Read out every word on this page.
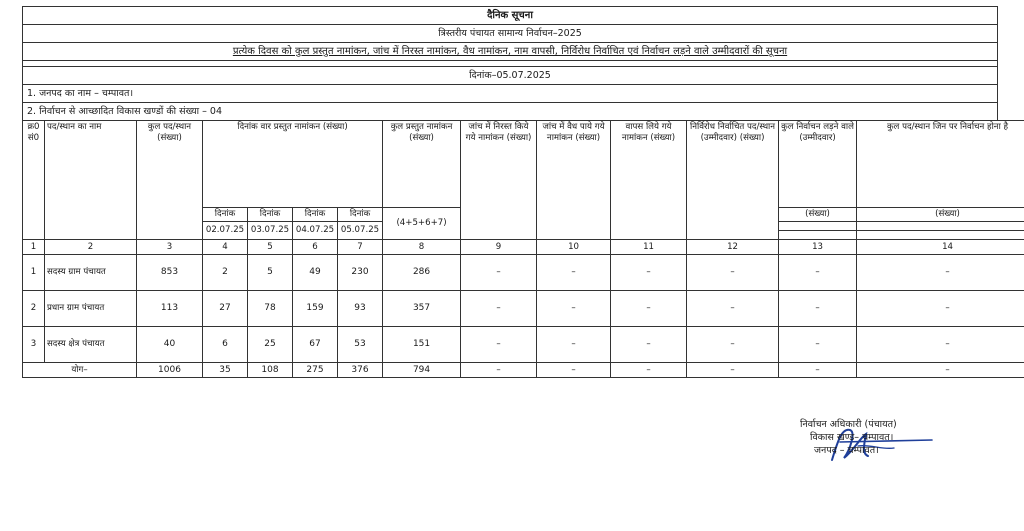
दैनिक सूचना
त्रिस्तरीय पंचायत सामान्य निर्वाचन–2025
प्रत्येक दिवस को कुल प्रस्तुत नामांकन, जांच में निरस्त नामांकन, वैध नामांकन, नाम वापसी, निर्विरोध निर्वाचित एवं निर्वाचन लड़ने वाले उम्मीदवारों की सूचना
दिनांक–05.07.2025
1. जनपद का नाम – चम्पावत।
2. निर्वाचन से आच्छादित विकास खण्डों की संख्या – 04
क्र0 सं0	पद/स्थान का नाम	कुल पद/स्थान (संख्या)	दिनांक वार प्रस्तुत नामांकन (संख्या)				कुल प्रस्तुत नामांकन (संख्या)	जांच में निरस्त किये गये नामांकन (संख्या)	जांच में वैध पाये गये नामांकन (संख्या)	वापस लिये गये नामांकन (संख्या)	निर्विरोध निर्वाचित पद/स्थान (उम्मीदवार) (संख्या)	कुल निर्वाचन लड़ने वाले (उम्मीदवार)	कुल पद/स्थान जिन पर निर्वाचन होना है
			दिनांक	दिनांक	दिनांक	दिनांक	(4+5+6+7)					(संख्या)	(संख्या)
			02.07.25	03.07.25	04.07.25	05.07.25							

1	2	3	4	5	6	7	8	9	10	11	12	13	14
1	सदस्य ग्राम पंचायत	853	2	5	49	230	286	–	–	–	–	–	–
2	प्रधान ग्राम पंचायत	113	27	78	159	93	357	–	–	–	–	–	–
3	सदस्य क्षेत्र पंचायत	40	6	25	67	53	151	–	–	–	–	–	–
योग–		1006	35	108	275	376	794	–	–	–	–	–	–
निर्वाचन अधिकारी (पंचायत)
विकास खण्ड– चम्पावत।
जनपद – चम्पावत।
